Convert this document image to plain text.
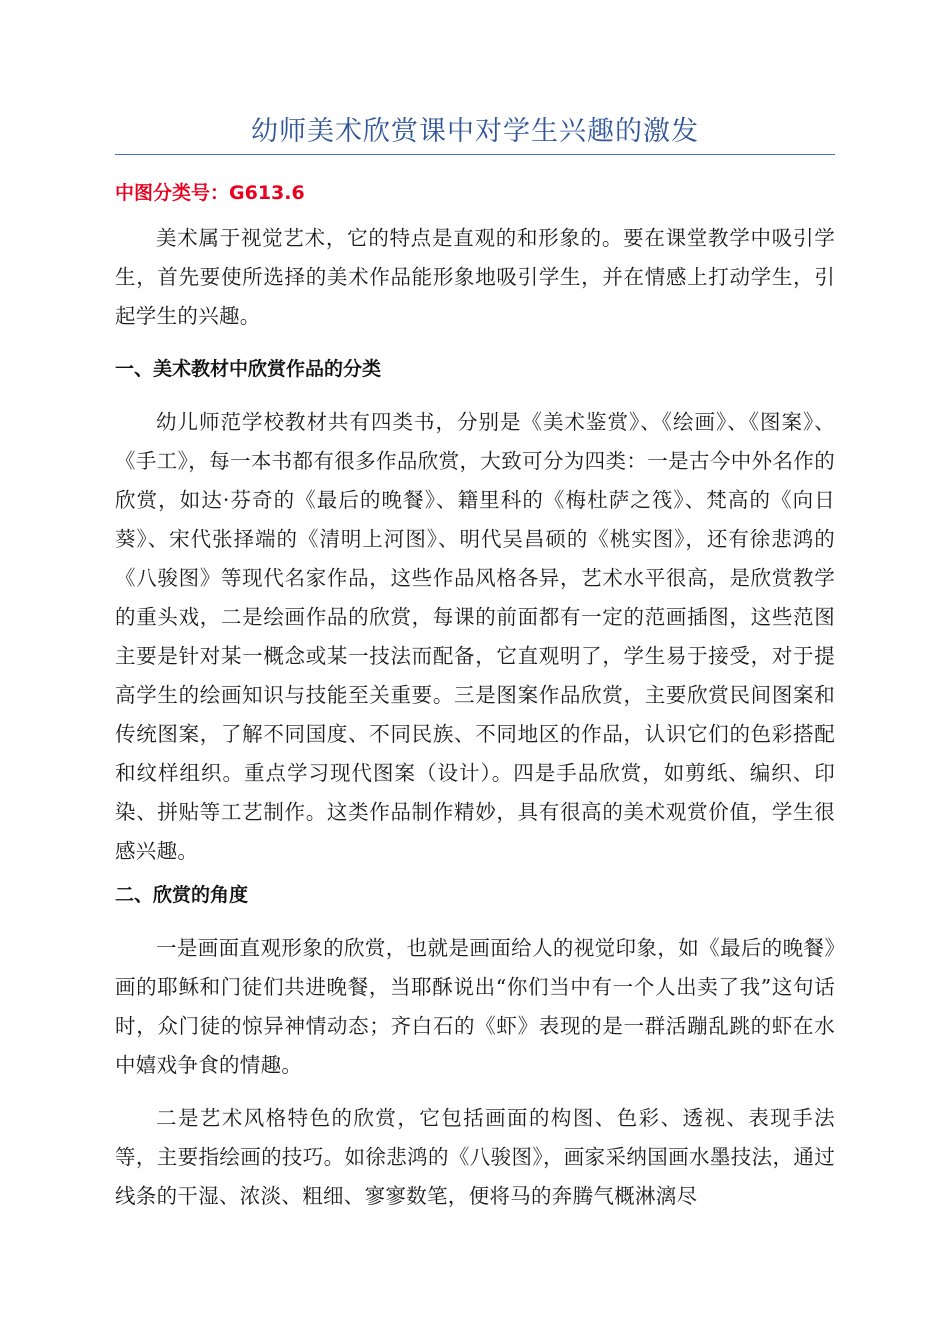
幼师美术欣赏课中对学生兴趣的激发

中图分类号：G613.6

美术属于视觉艺术，它的特点是直观的和形象的。要在课堂教学中吸引学生，首先要使所选择的美术作品能形象地吸引学生，并在情感上打动学生，引起学生的兴趣。

一、美术教材中欣赏作品的分类

幼儿师范学校教材共有四类书，分别是《美术鉴赏》、《绘画》、《图案》、《手工》，每一本书都有很多作品欣赏，大致可分为四类：一是古今中外名作的欣赏，如达·芬奇的《最后的晚餐》、籍里科的《梅杜萨之筏》、梵高的《向日葵》、宋代张择端的《清明上河图》、明代吴昌硕的《桃实图》，还有徐悲鸿的《八骏图》等现代名家作品，这些作品风格各异，艺术水平很高，是欣赏教学的重头戏，二是绘画作品的欣赏，每课的前面都有一定的范画插图，这些范图主要是针对某一概念或某一技法而配备，它直观明了，学生易于接受，对于提高学生的绘画知识与技能至关重要。三是图案作品欣赏，主要欣赏民间图案和传统图案，了解不同国度、不同民族、不同地区的作品，认识它们的色彩搭配和纹样组织。重点学习现代图案（设计）。四是手品欣赏，如剪纸、编织、印染、拼贴等工艺制作。这类作品制作精妙，具有很高的美术观赏价值，学生很感兴趣。

二、欣赏的角度

一是画面直观形象的欣赏，也就是画面给人的视觉印象，如《最后的晚餐》画的耶稣和门徒们共进晚餐，当耶酥说出“你们当中有一个人出卖了我”这句话时，众门徒的惊异神情动态；齐白石的《虾》表现的是一群活蹦乱跳的虾在水中嬉戏争食的情趣。

二是艺术风格特色的欣赏，它包括画面的构图、色彩、透视、表现手法等，主要指绘画的技巧。如徐悲鸿的《八骏图》，画家采纳国画水墨技法，通过线条的干湿、浓淡、粗细、寥寥数笔，便将马的奔腾气概淋漓尽
